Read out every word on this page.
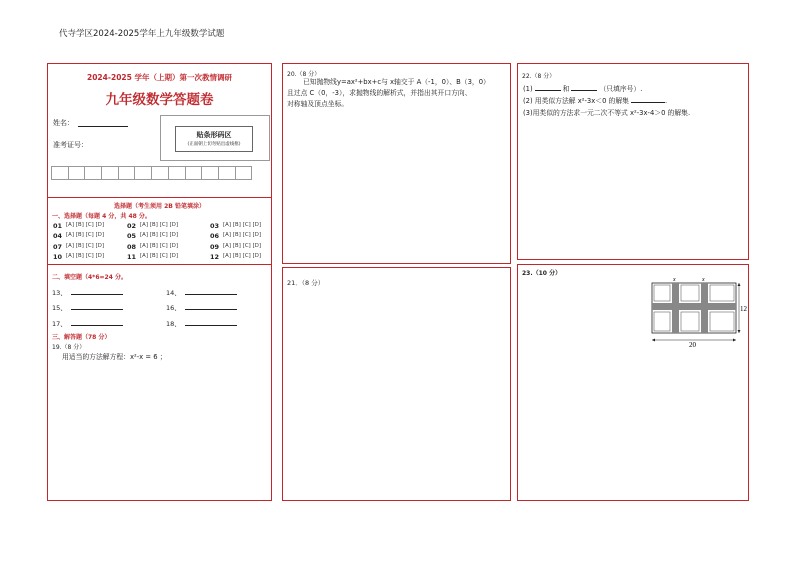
代寺学区2024-2025学年上九年级数学试题
2024-2025 学年（上期）第一次教情调研
九年级数学答题卷
姓名：
准考证号：
贴条形码区
(正面朝上切勿贴出虚线框)
选择题（考生须用 2B 铅笔填涂）
一、选择题（每题 4 分，共 48 分。
01 [A] [B] [C] [D]	02 [A] [B] [C] [D]	03 [A] [B] [C] [D]
04 [A] [B] [C] [D]	05 [A] [B] [C] [D]	06 [A] [B] [C] [D]
07 [A] [B] [C] [D]	08 [A] [B] [C] [D]	09 [A] [B] [C] [D]
10 [A] [B] [C] [D]	11 [A] [B] [C] [D]	12 [A] [B] [C] [D]
二、填空题（4*6=24 分。
13、	14、
15、	16、
17、	18、
三、解答题（78 分）
19.（8 分）
用适当的方法解方程：x²-x = 6 ；
20.（8 分）
已知抛物线y=ax²+bx+c与 x轴交于 A（-1，0）、B（3，0）
且过点 C（0，-3），求抛物线的解析式，并指出其开口方向、
对称轴及顶点坐标。
21．（8 分）
22.（8 分）
(1)	和	（只填序号）.
(2) 用类似方法解 x²-3x＜0 的解集	.
(3)用类似的方法求一元二次不等式 x²-3x-4＞0 的解集.
23.（10 分）
x	x
12
20
